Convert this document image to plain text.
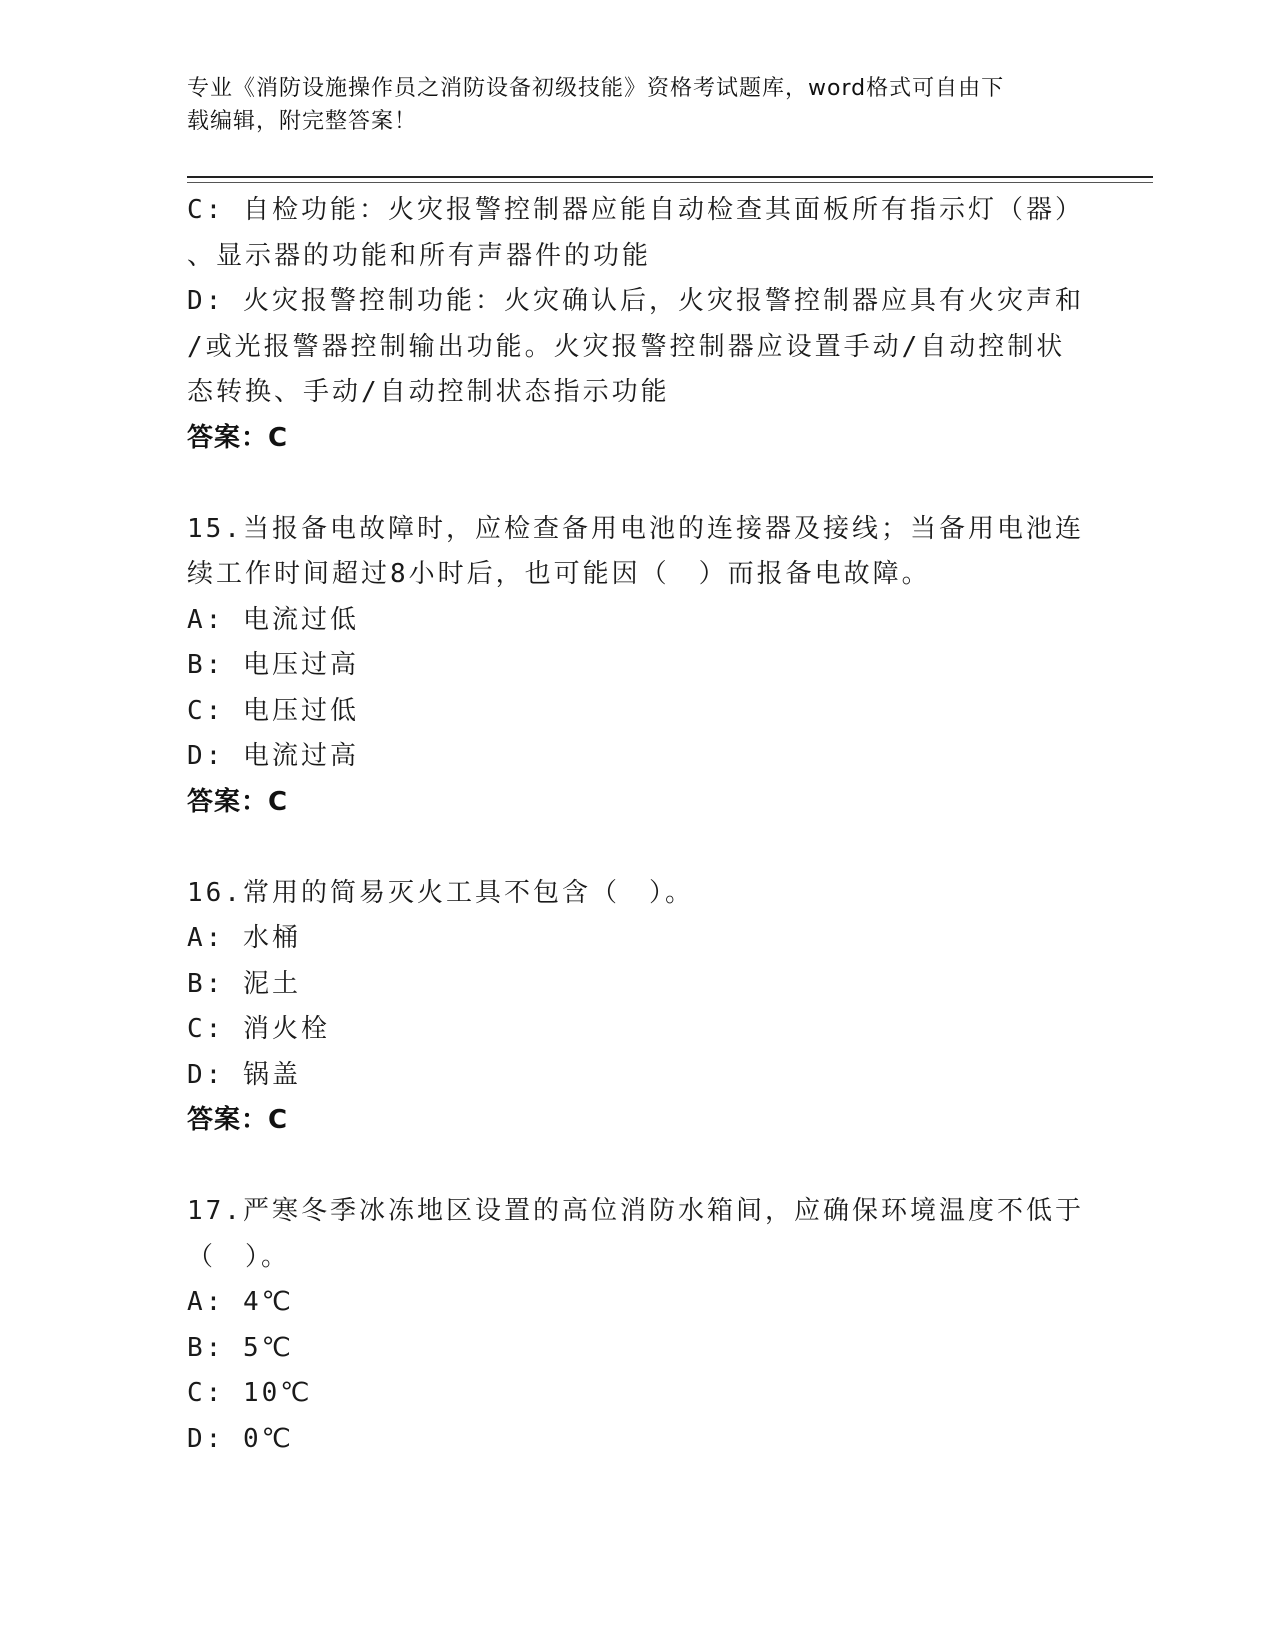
专业《消防设施操作员之消防设备初级技能》资格考试题库，word格式可自由下
载编辑，附完整答案！
C: 自检功能：火灾报警控制器应能自动检查其面板所有指示灯（器）
、显示器的功能和所有声器件的功能
D: 火灾报警控制功能：火灾确认后，火灾报警控制器应具有火灾声和
/或光报警器控制输出功能。火灾报警控制器应设置手动/自动控制状
态转换、手动/自动控制状态指示功能
答案：C
15.当报备电故障时，应检查备用电池的连接器及接线；当备用电池连
续工作时间超过8小时后，也可能因（　）而报备电故障。
A: 电流过低
B: 电压过高
C: 电压过低
D: 电流过高
答案：C
16.常用的简易灭火工具不包含（　）。
A: 水桶
B: 泥土
C: 消火栓
D: 锅盖
答案：C
17.严寒冬季冰冻地区设置的高位消防水箱间，应确保环境温度不低于
（　）。
A: 4℃
B: 5℃
C: 10℃
D: 0℃
